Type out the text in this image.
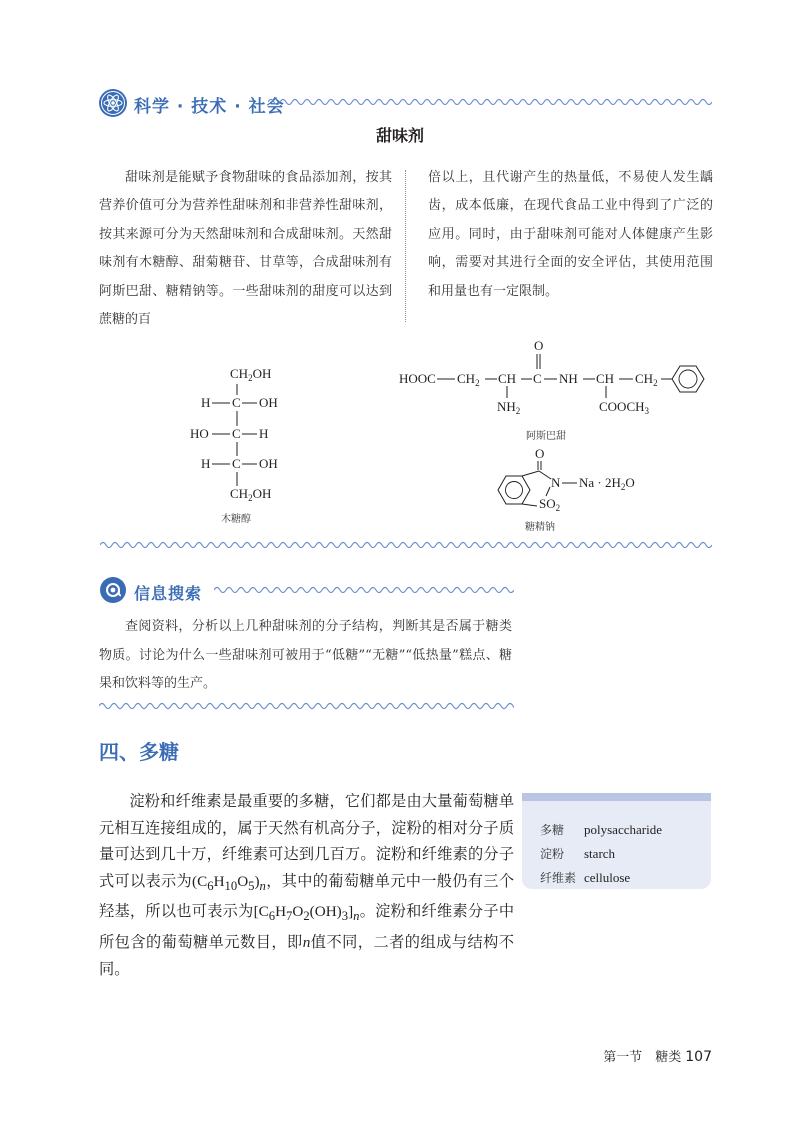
科学 · 技术 · 社会
甜味剂
甜味剂是能赋予食物甜味的食品添加剂，按其营养价值可分为营养性甜味剂和非营养性甜味剂，按其来源可分为天然甜味剂和合成甜味剂。天然甜味剂有木糖醇、甜菊糖苷、甘草等，合成甜味剂有阿斯巴甜、糖精钠等。一些甜味剂的甜度可以达到蔗糖的百
倍以上，且代谢产生的热量低，不易使人发生龋齿，成本低廉，在现代食品工业中得到了广泛的应用。同时，由于甜味剂可能对人体健康产生影响，需要对其进行全面的安全评估，其使用范围和用量也有一定限制。
$CH_2OH$
H C OH
HO C H
H C OH
$CH_2OH$
木糖醇
HOOC $CH_2$ CH C
O
NH CH $CH_2$
$NH_2$	$COOCH_3$
阿斯巴甜
O
N $Na \cdot 2H_2O$
$SO_2$
糖精钠
信息搜索
查阅资料，分析以上几种甜味剂的分子结构，判断其是否属于糖类物质。讨论为什么一些甜味剂可被用于“低糖”“无糖”“低热量”糕点、糖果和饮料等的生产。
四、多糖
淀粉和纤维素是最重要的多糖，它们都是由大量葡萄糖单元相互连接组成的，属于天然有机高分子，淀粉的相对分子质量可达到几十万，纤维素可达到几百万。淀粉和纤维素的分子式可以表示为$(C_6H_{10}O_5)_n$，其中的葡萄糖单元中一般仍有三个羟基，所以也可表示为$[C_6H_7O_2(OH)_3]_n$。淀粉和纤维素分子中所包含的葡萄糖单元数目，即n值不同，二者的组成与结构不同。
多糖	polysaccharide
淀粉	starch
纤维素 cellulose
第一节　糖类 107
